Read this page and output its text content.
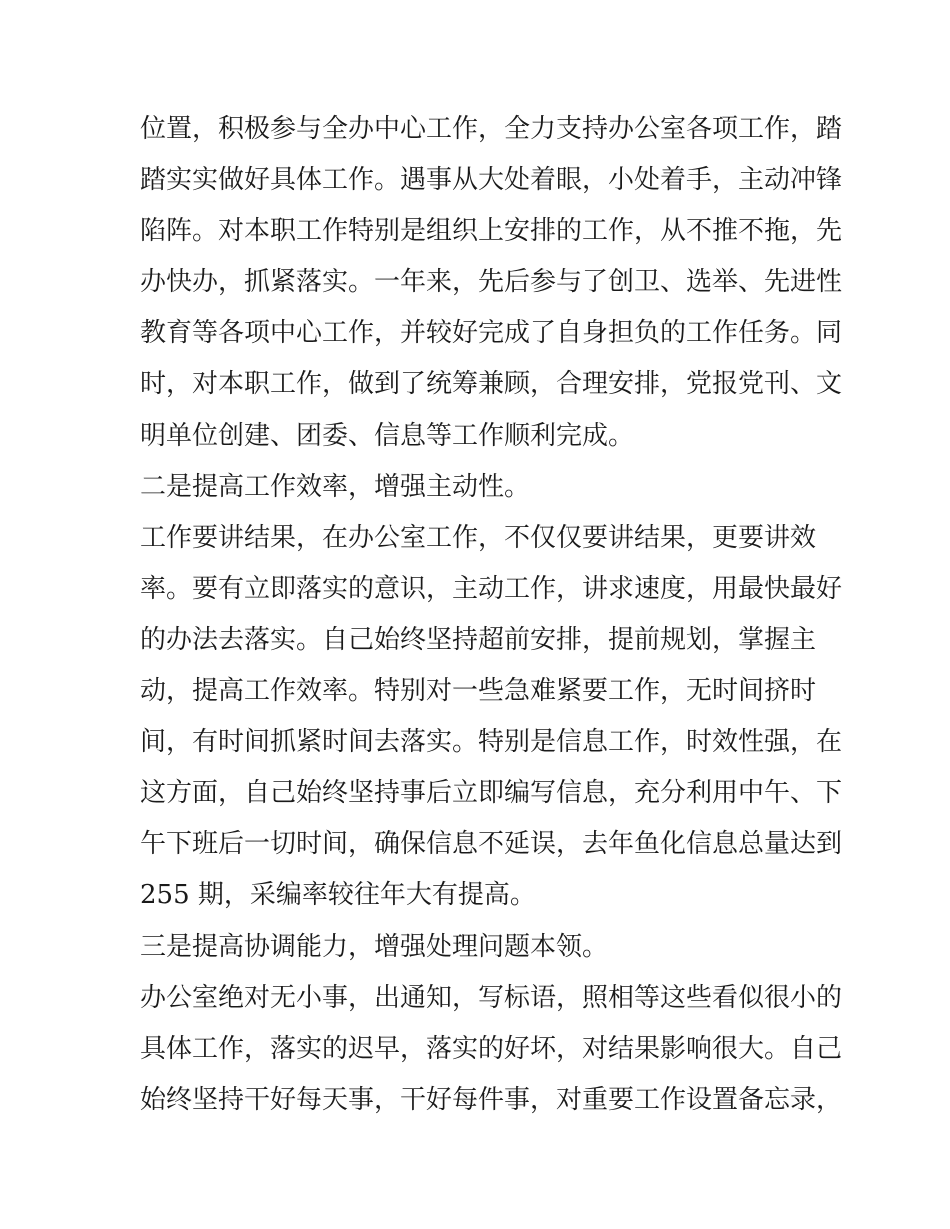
位置，积极参与全办中心工作，全力支持办公室各项工作，踏
踏实实做好具体工作。遇事从大处着眼，小处着手，主动冲锋
陷阵。对本职工作特别是组织上安排的工作，从不推不拖，先
办快办，抓紧落实。一年来，先后参与了创卫、选举、先进性
教育等各项中心工作，并较好完成了自身担负的工作任务。同
时，对本职工作，做到了统筹兼顾，合理安排，党报党刊、文
明单位创建、团委、信息等工作顺利完成。
二是提高工作效率，增强主动性。
工作要讲结果，在办公室工作，不仅仅要讲结果，更要讲效
率。要有立即落实的意识，主动工作，讲求速度，用最快最好
的办法去落实。自己始终坚持超前安排，提前规划，掌握主
动，提高工作效率。特别对一些急难紧要工作，无时间挤时
间，有时间抓紧时间去落实。特别是信息工作，时效性强，在
这方面，自己始终坚持事后立即编写信息，充分利用中午、下
午下班后一切时间，确保信息不延误，去年鱼化信息总量达到
255 期，采编率较往年大有提高。
三是提高协调能力，增强处理问题本领。
办公室绝对无小事，出通知，写标语，照相等这些看似很小的
具体工作，落实的迟早，落实的好坏，对结果影响很大。自己
始终坚持干好每天事，干好每件事，对重要工作设置备忘录，
